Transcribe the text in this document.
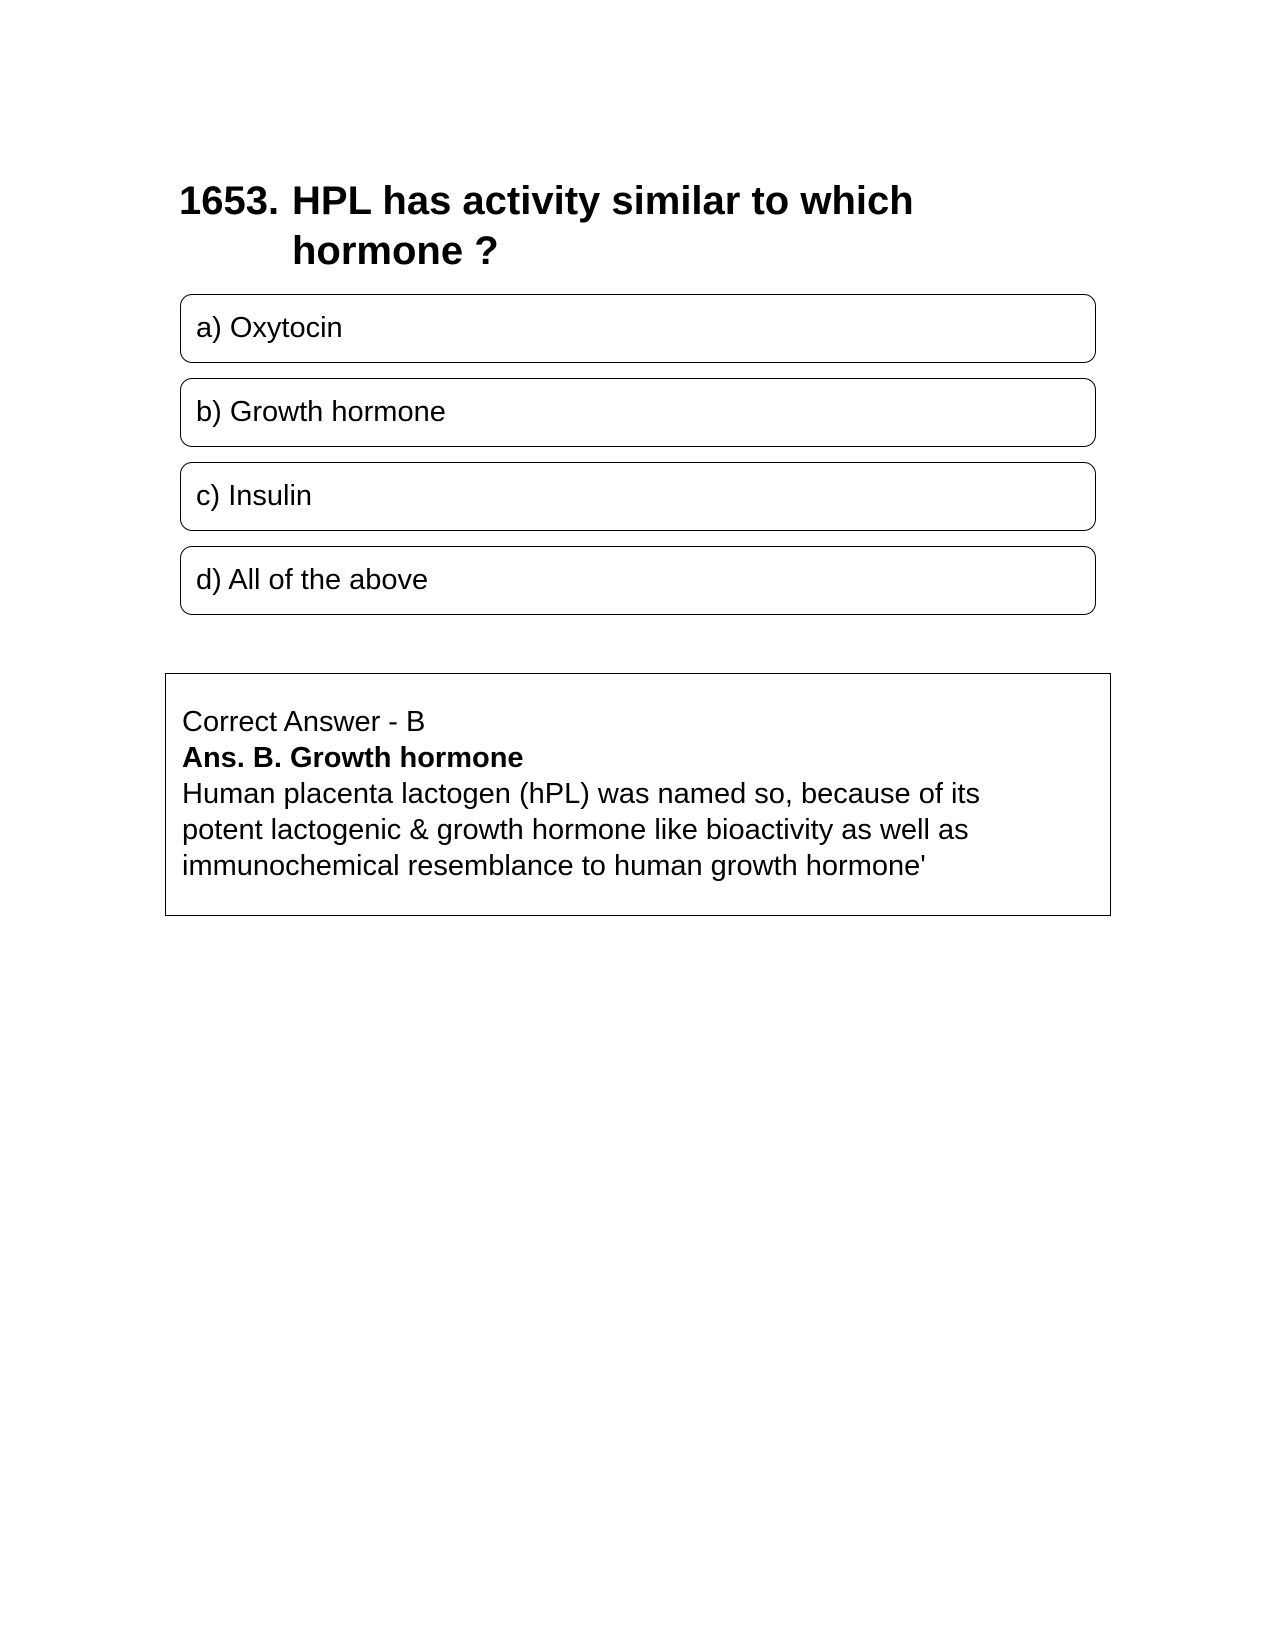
1653. HPL has activity similar to which hormone ?
a) Oxytocin
b) Growth hormone
c) Insulin
d) All of the above
Correct Answer - B
Ans. B. Growth hormone
Human placenta lactogen (hPL) was named so, because of its
potent lactogenic & growth hormone like bioactivity as well as
immunochemical resemblance to human growth hormone'
